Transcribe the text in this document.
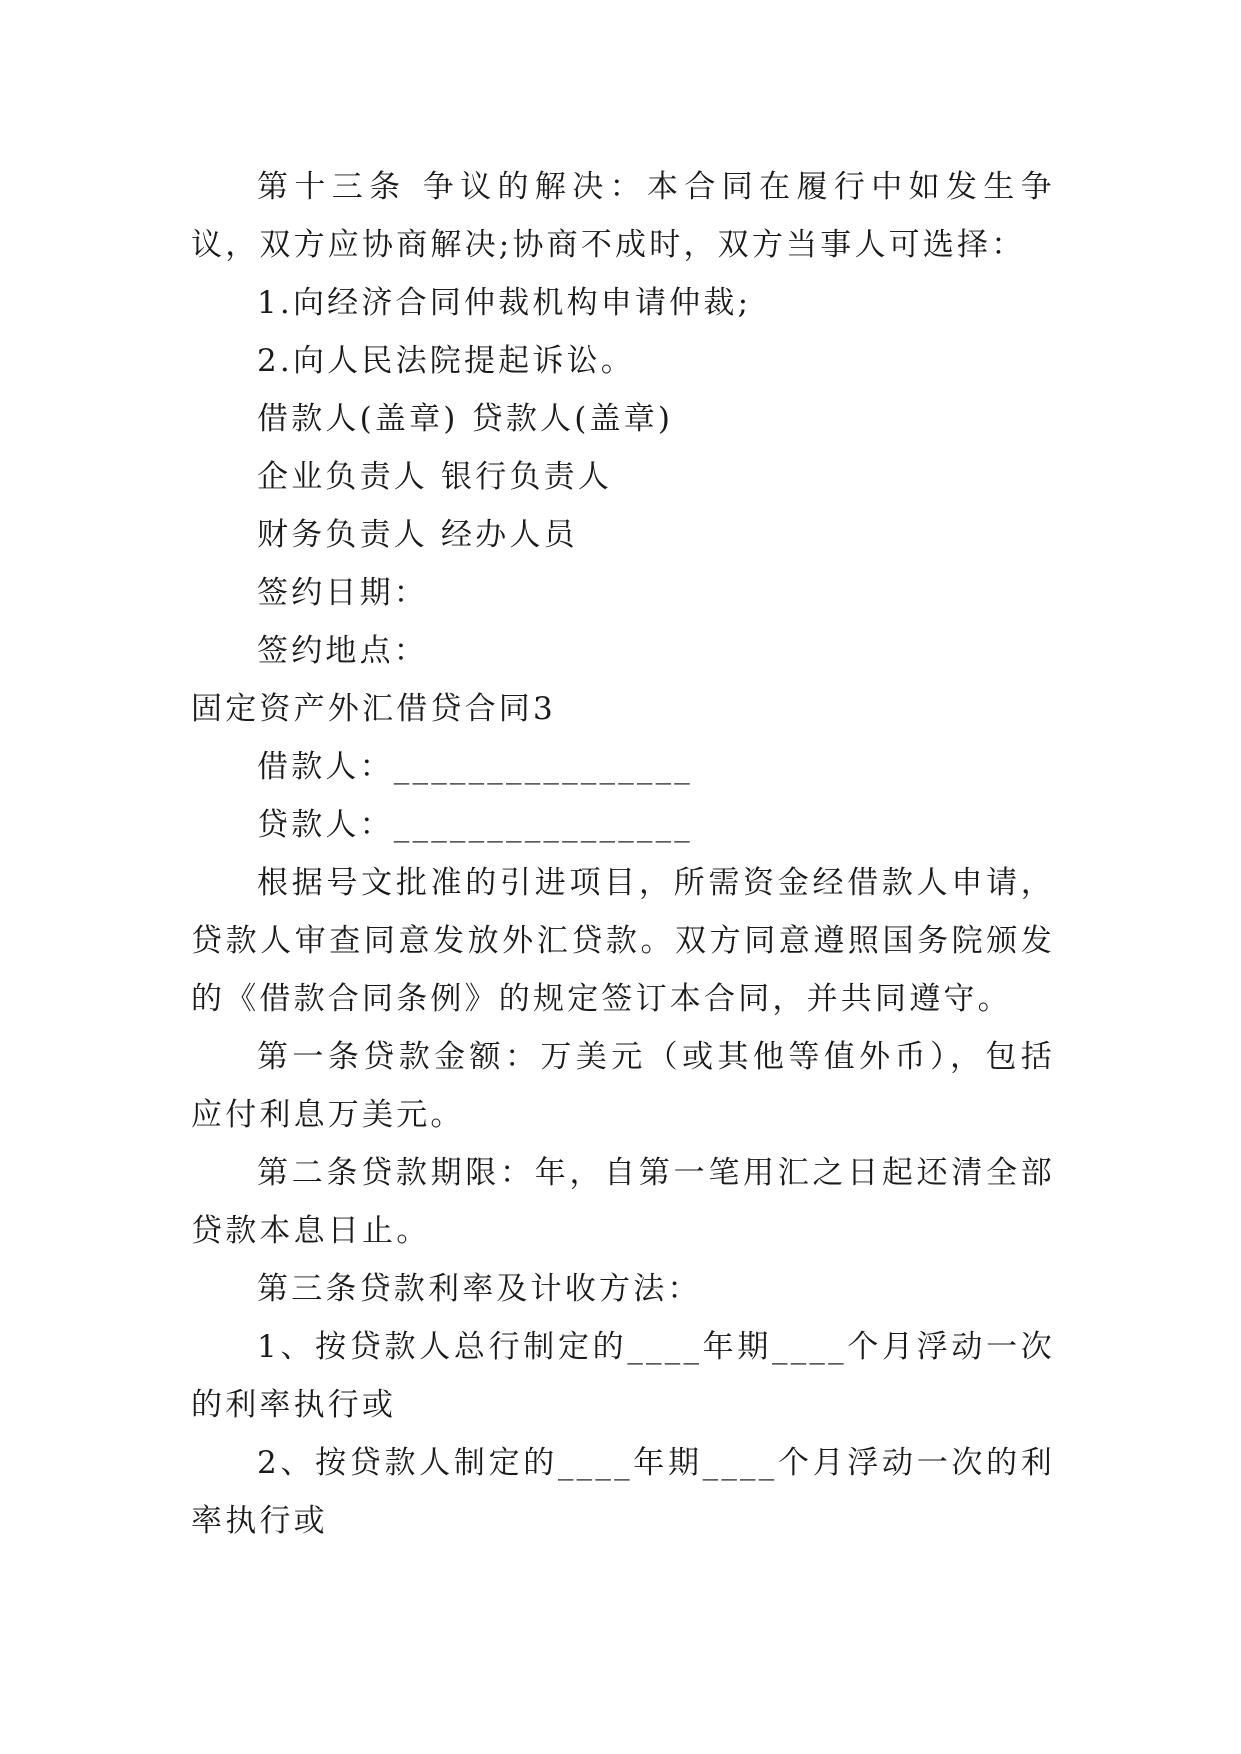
第十三条 争议的解决：本合同在履行中如发生争议，双方应协商解决;协商不成时，双方当事人可选择：

1.向经济合同仲裁机构申请仲裁;

2.向人民法院提起诉讼。

借款人(盖章) 贷款人(盖章)

企业负责人 银行负责人

财务负责人 经办人员

签约日期：

签约地点：

固定资产外汇借贷合同3

借款人：________________

贷款人：________________

根据号文批准的引进项目，所需资金经借款人申请，贷款人审查同意发放外汇贷款。双方同意遵照国务院颁发的《借款合同条例》的规定签订本合同，并共同遵守。

第一条贷款金额：万美元（或其他等值外币），包括应付利息万美元。

第二条贷款期限：年，自第一笔用汇之日起还清全部贷款本息日止。

第三条贷款利率及计收方法：

1、按贷款人总行制定的____年期____个月浮动一次的利率执行或

2、按贷款人制定的____年期____个月浮动一次的利率执行或
